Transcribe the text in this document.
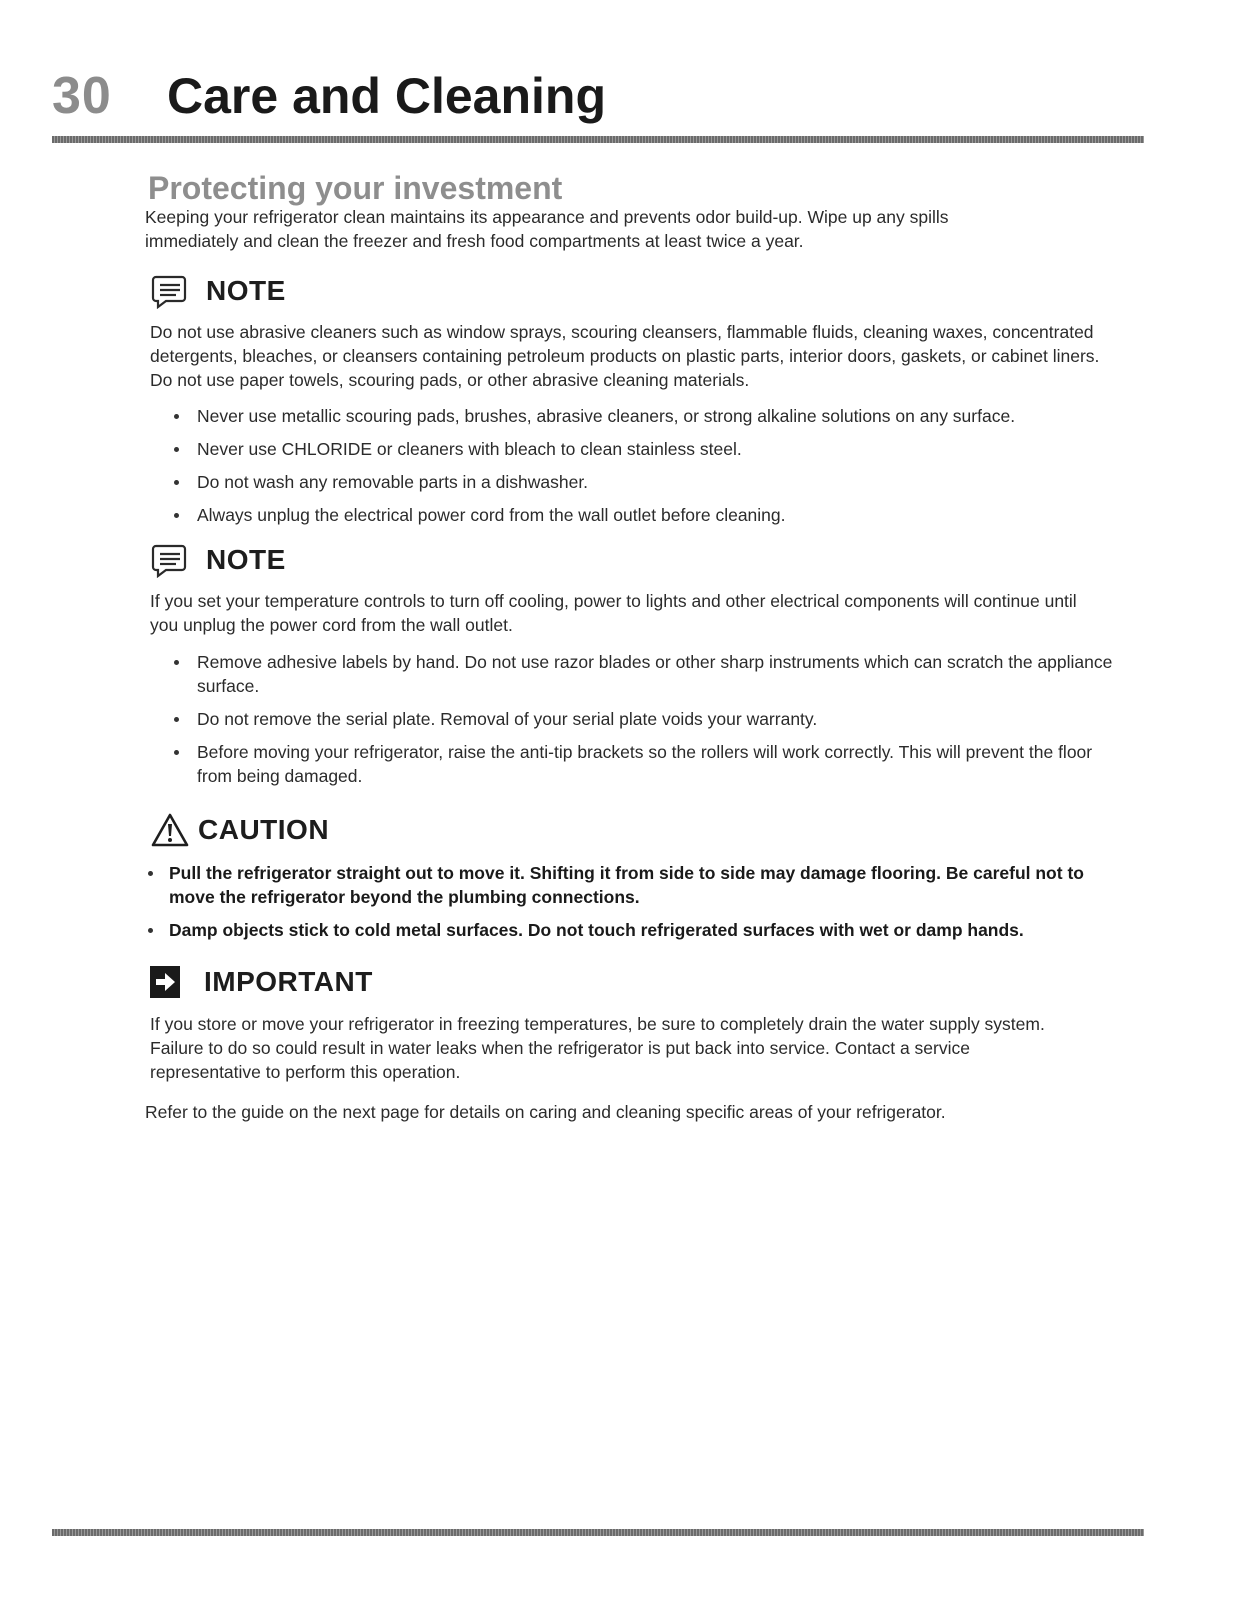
30 Care and Cleaning
Protecting your investment

Keeping your refrigerator clean maintains its appearance and prevents odor build-up. Wipe up any spills immediately and clean the freezer and fresh food compartments at least twice a year.

NOTE

Do not use abrasive cleaners such as window sprays, scouring cleansers, flammable fluids, cleaning waxes, concentrated detergents, bleaches, or cleansers containing petroleum products on plastic parts, interior doors, gaskets, or cabinet liners. Do not use paper towels, scouring pads, or other abrasive cleaning materials.

Never use metallic scouring pads, brushes, abrasive cleaners, or strong alkaline solutions on any surface.
Never use CHLORIDE or cleaners with bleach to clean stainless steel.
Do not wash any removable parts in a dishwasher.
Always unplug the electrical power cord from the wall outlet before cleaning.
NOTE

If you set your temperature controls to turn off cooling, power to lights and other electrical components will continue until you unplug the power cord from the wall outlet.

Remove adhesive labels by hand. Do not use razor blades or other sharp instruments which can scratch the appliance surface.
Do not remove the serial plate. Removal of your serial plate voids your warranty.
Before moving your refrigerator, raise the anti-tip brackets so the rollers will work correctly. This will prevent the floor from being damaged.
CAUTION
Pull the refrigerator straight out to move it. Shifting it from side to side may damage flooring. Be careful not to move the refrigerator beyond the plumbing connections.
Damp objects stick to cold metal surfaces. Do not touch refrigerated surfaces with wet or damp hands.
IMPORTANT

If you store or move your refrigerator in freezing temperatures, be sure to completely drain the water supply system. Failure to do so could result in water leaks when the refrigerator is put back into service. Contact a service representative to perform this operation.

Refer to the guide on the next page for details on caring and cleaning specific areas of your refrigerator.
